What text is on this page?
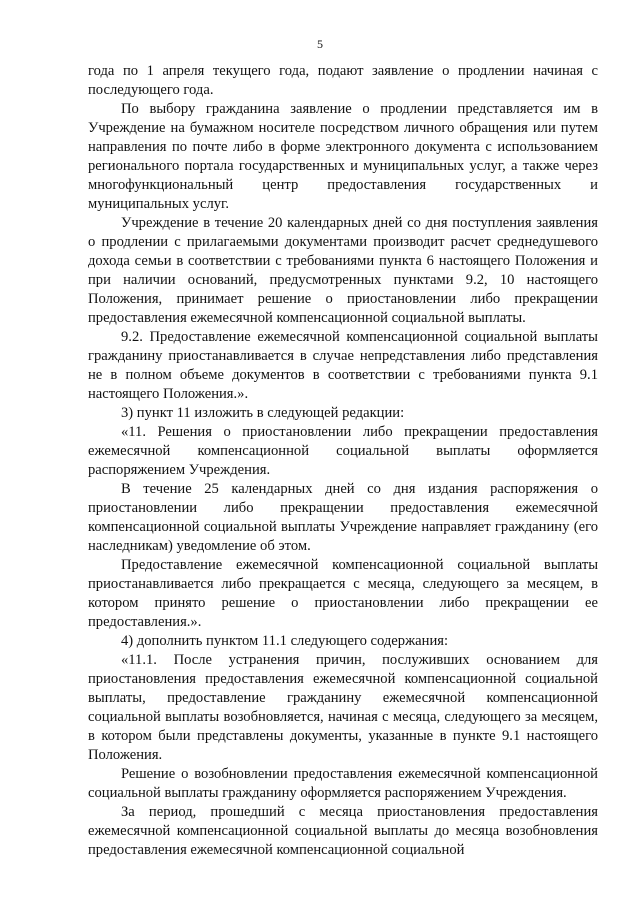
5

года по 1 апреля текущего года, подают заявление о продлении начиная с последующего года.

По выбору гражданина заявление о продлении представляется им в Учреждение на бумажном носителе посредством личного обращения или путем направления по почте либо в форме электронного документа с использованием регионального портала государственных и муниципальных услуг, а также через многофункциональный центр предоставления государственных и муниципальных услуг.

Учреждение в течение 20 календарных дней со дня поступления заявления о продлении с прилагаемыми документами производит расчет среднедушевого дохода семьи в соответствии с требованиями пункта 6 настоящего Положения и при наличии оснований, предусмотренных пунктами 9.2, 10 настоящего Положения, принимает решение о приостановлении либо прекращении предоставления ежемесячной компенсационной социальной выплаты.

9.2. Предоставление ежемесячной компенсационной социальной выплаты гражданину приостанавливается в случае непредставления либо представления не в полном объеме документов в соответствии с требованиями пункта 9.1 настоящего Положения.».

3) пункт 11 изложить в следующей редакции:

«11. Решения о приостановлении либо прекращении предоставления ежемесячной компенсационной социальной выплаты оформляется распоряжением Учреждения.

В течение 25 календарных дней со дня издания распоряжения о приостановлении либо прекращении предоставления ежемесячной компенсационной социальной выплаты Учреждение направляет гражданину (его наследникам) уведомление об этом.

Предоставление ежемесячной компенсационной социальной выплаты приостанавливается либо прекращается с месяца, следующего за месяцем, в котором принято решение о приостановлении либо прекращении ее предоставления.».

4) дополнить пунктом 11.1 следующего содержания:

«11.1. После устранения причин, послуживших основанием для приостановления предоставления ежемесячной компенсационной социальной выплаты, предоставление гражданину ежемесячной компенсационной социальной выплаты возобновляется, начиная с месяца, следующего за месяцем, в котором были представлены документы, указанные в пункте 9.1 настоящего Положения.

Решение о возобновлении предоставления ежемесячной компенсационной социальной выплаты гражданину оформляется распоряжением Учреждения.

За период, прошедший с месяца приостановления предоставления ежемесячной компенсационной социальной выплаты до месяца возобновления предоставления ежемесячной компенсационной социальной
